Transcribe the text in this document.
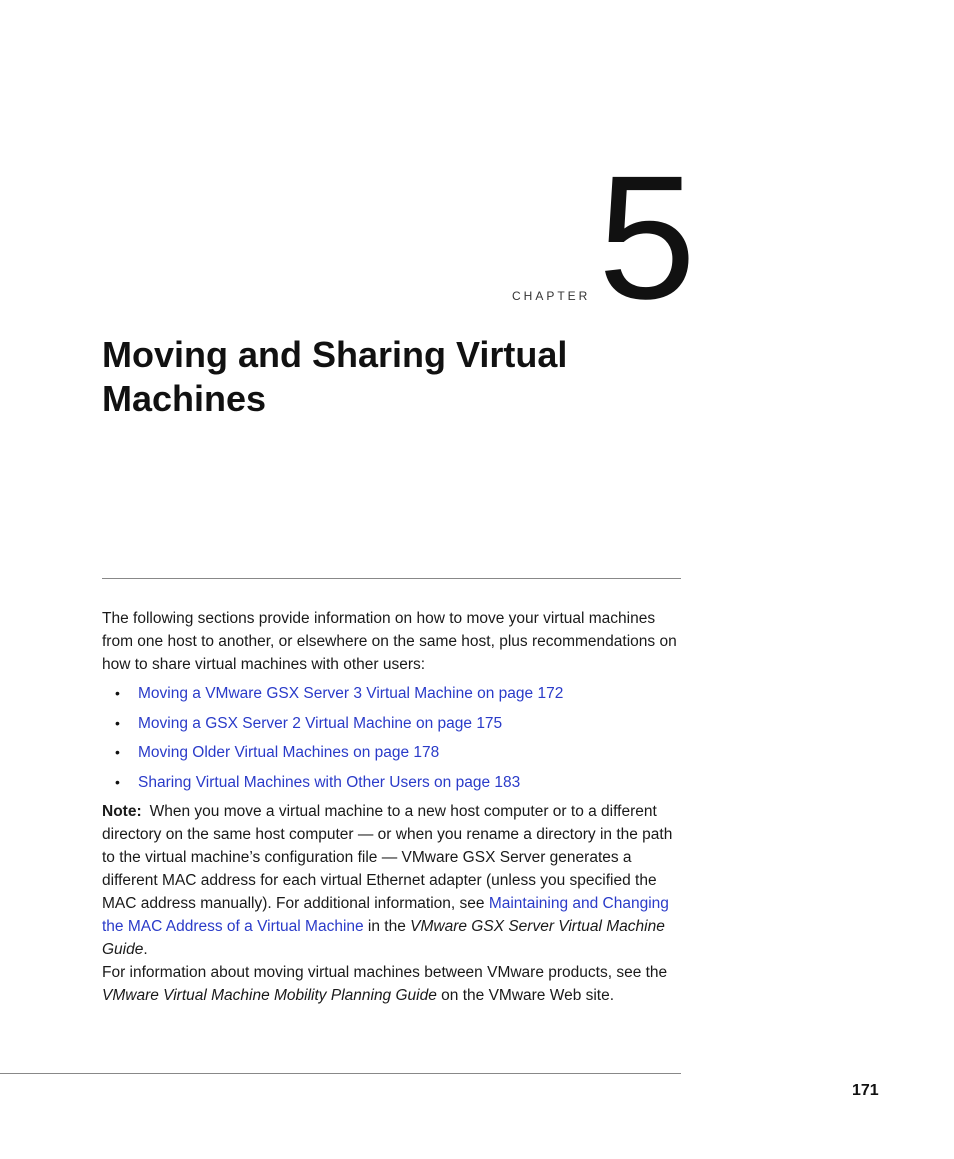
CHAPTER 5
Moving and Sharing Virtual Machines

The following sections provide information on how to move your virtual machines from one host to another, or elsewhere on the same host, plus recommendations on how to share virtual machines with other users:

• Moving a VMware GSX Server 3 Virtual Machine on page 172
• Moving a GSX Server 2 Virtual Machine on page 175
• Moving Older Virtual Machines on page 178
• Sharing Virtual Machines with Other Users on page 183

Note: When you move a virtual machine to a new host computer or to a different directory on the same host computer — or when you rename a directory in the path to the virtual machine’s configuration file — VMware GSX Server generates a different MAC address for each virtual Ethernet adapter (unless you specified the MAC address manually). For additional information, see Maintaining and Changing the MAC Address of a Virtual Machine in the VMware GSX Server Virtual Machine Guide.

For information about moving virtual machines between VMware products, see the VMware Virtual Machine Mobility Planning Guide on the VMware Web site.

171
